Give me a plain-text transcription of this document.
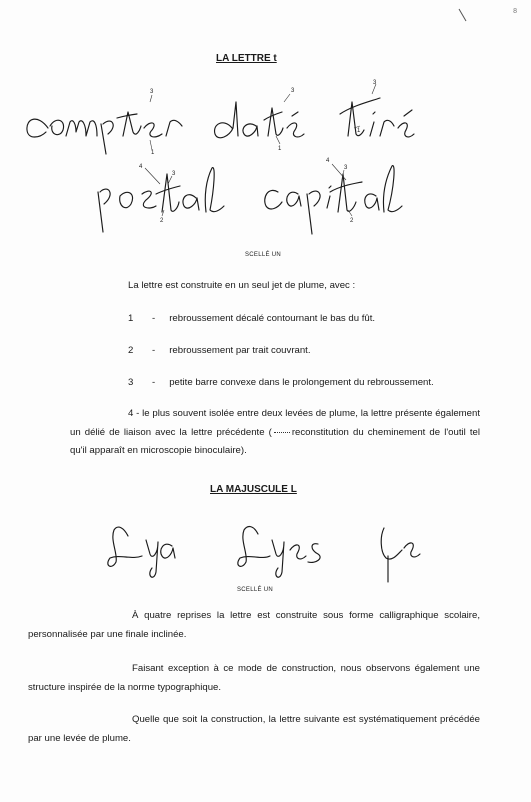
8
LA LETTRE t
3
1
3
1
3
1
4
3
2
4
3
2
SCELLÉ UN
La lettre est construite en un seul jet de plume, avec :
1 - rebroussement décalé contournant le bas du fût.
2 - rebroussement par trait couvrant.
3 - petite barre convexe dans le prolongement du rebroussement.
4 - le plus souvent isolée entre deux levées de plume, la lettre présente également un délié de liaison avec la lettre précédente ( reconstitution du cheminement de l'outil tel qu'il apparaît en microscopie binoculaire).
LA MAJUSCULE L
SCELLÉ UN
À quatre reprises la lettre est construite sous forme calligraphique scolaire, personnalisée par une finale inclinée.
Faisant exception à ce mode de construction, nous observons également une structure inspirée de la norme typographique.
Quelle que soit la construction, la lettre suivante est systématiquement précédée par une levée de plume.
